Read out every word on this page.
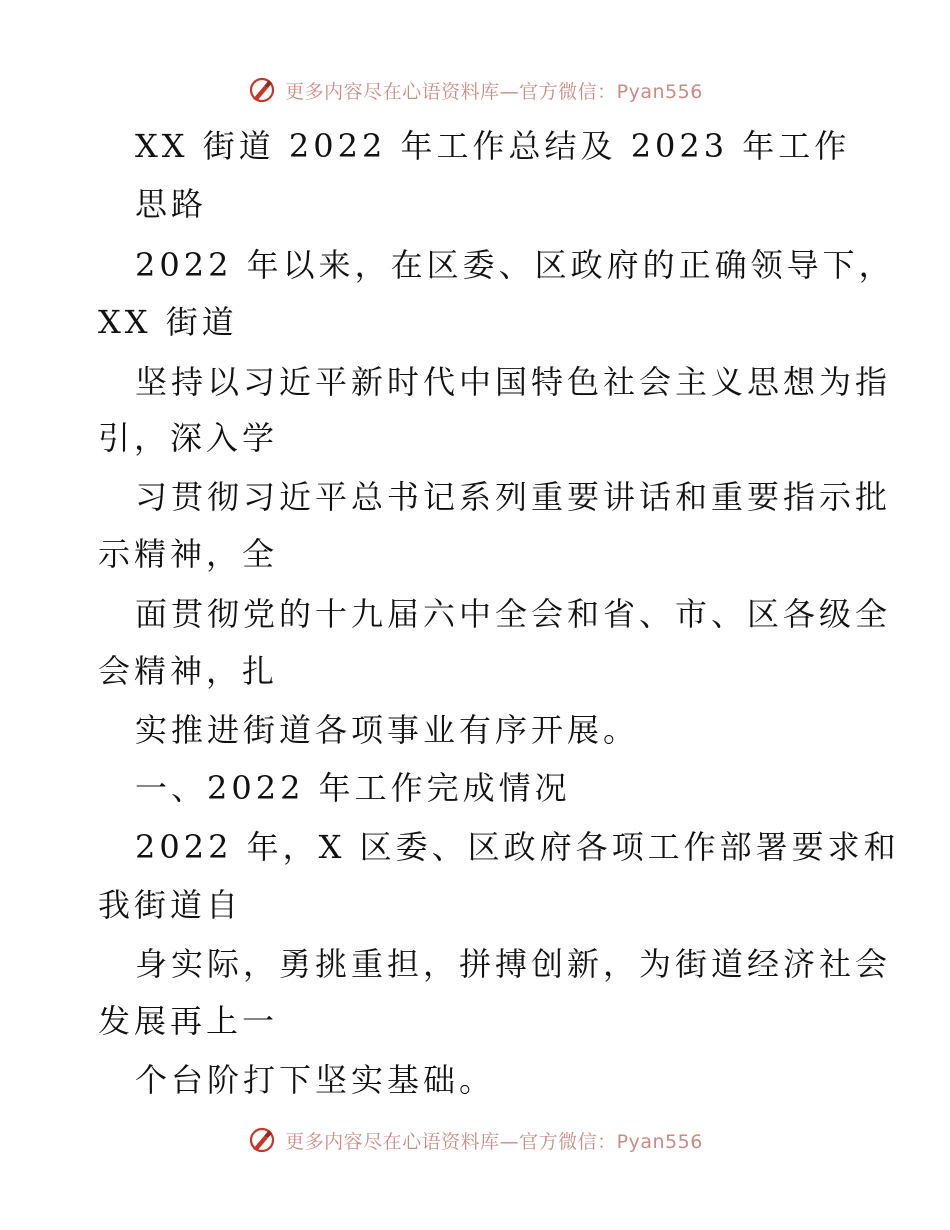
更多内容尽在心语资料库—官方微信：Pyan556
XX 街道 2022 年工作总结及 2023 年工作
思路
2022 年以来，在区委、区政府的正确领导下，
XX 街道
坚持以习近平新时代中国特色社会主义思想为指
引，深入学
习贯彻习近平总书记系列重要讲话和重要指示批
示精神，全
面贯彻党的十九届六中全会和省、市、区各级全
会精神，扎
实推进街道各项事业有序开展。
一、2022 年工作完成情况
2022 年，X 区委、区政府各项工作部署要求和
我街道自
身实际，勇挑重担，拼搏创新，为街道经济社会
发展再上一
个台阶打下坚实基础。
更多内容尽在心语资料库—官方微信：Pyan556
